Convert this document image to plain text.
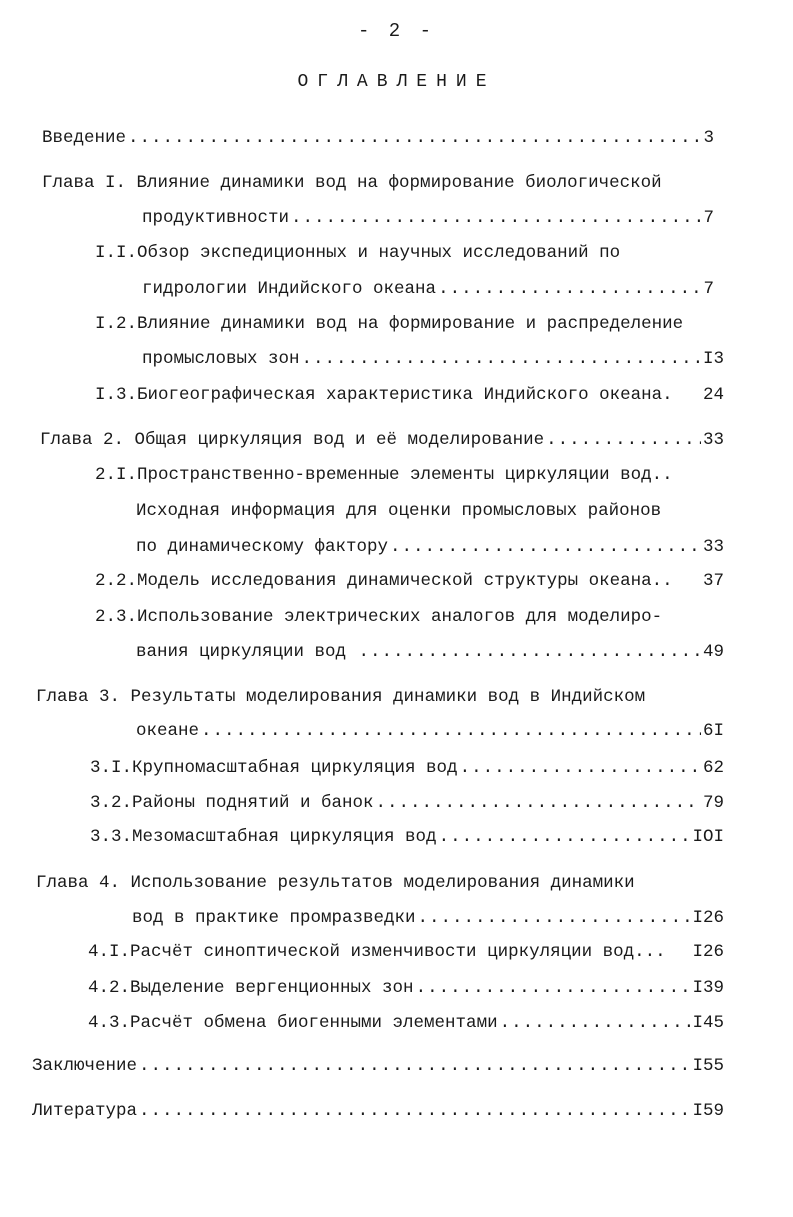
- 2 -
ОГЛАВЛЕНИЕ
Введение .....	3
Глава I. Влияние динамики вод на формирование биологической
продуктивности .....	7
I.I.Обзор экспедиционных и научных исследований по
гидрологии Индийского океана .....	7
I.2.Влияние динамики вод на формирование и распределение
промысловых зон .....	I3
I.3.Биогеографическая характеристика Индийского океана. 24
Глава 2. Общая циркуляция вод и её моделирование .....	33
2.I.Пространственно-временные элементы циркуляции вод..
Исходная информация для оценки промысловых районов
по динамическому фактору .....	33
2.2.Модель исследования динамической структуры океана.. 37
2.3.Использование электрических аналогов для моделиро-
вания циркуляции вод .....	49
Глава 3. Результаты моделирования динамики вод в Индийском
океане .....	6I
3.I.Крупномасштабная циркуляция вод .....	62
3.2.Районы поднятий и банок .....	79
3.3.Мезомасштабная циркуляция вод .....	IOI
Глава 4. Использование результатов моделирования динамики
вод в практике промразведки .....	I26
4.I.Расчёт синоптической изменчивости циркуляции вод... I26
4.2.Выделение вергенционных зон .....	I39
4.3.Расчёт обмена биогенными элементами .....	I45
Заключение .....	I55
Литература .....	I59
